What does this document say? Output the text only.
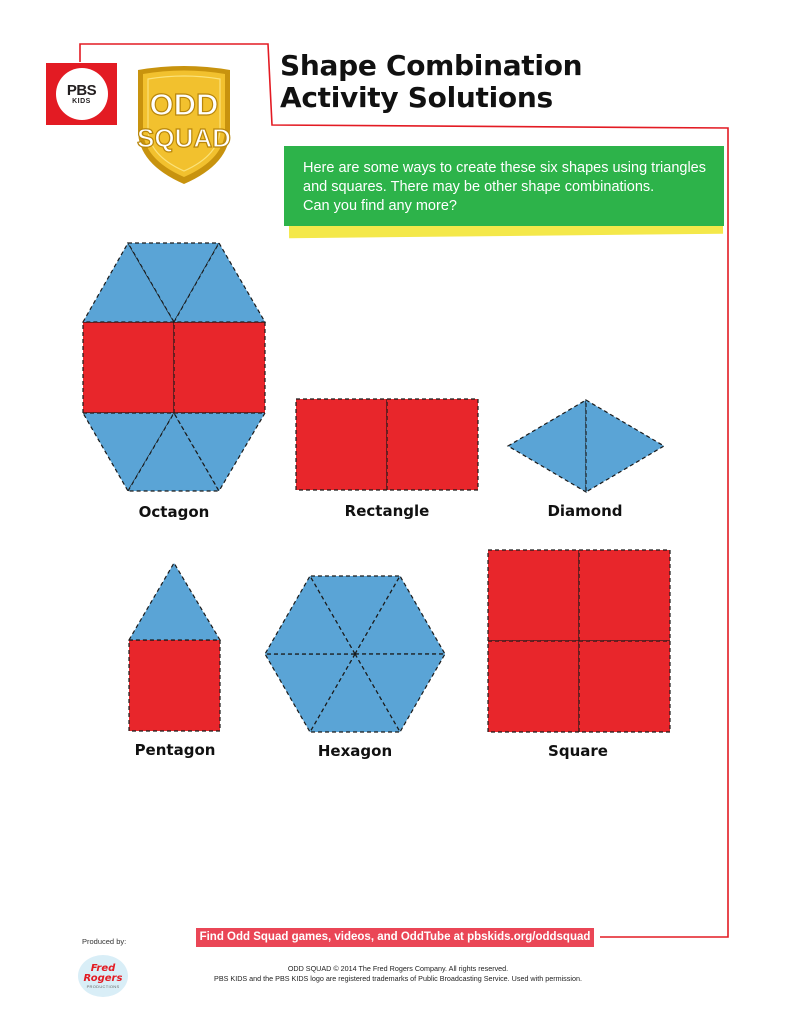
PBS
KIDS ODD
SQUAD
Shape Combination
Activity Solutions
Here are some ways to create these six shapes using triangles
and squares. There may be other shape combinations.
Can you find any more?
Octagon	Rectangle	Diamond
Pentagon	Hexagon	Square
Produced by:
Fred
Rogers
PRODUCTIONS
Find Odd Squad games, videos, and OddTube at pbskids.org/oddsquad
ODD SQUAD © 2014 The Fred Rogers Company. All rights reserved.
PBS KIDS and the PBS KIDS logo are registered trademarks of Public Broadcasting Service. Used with permission.
